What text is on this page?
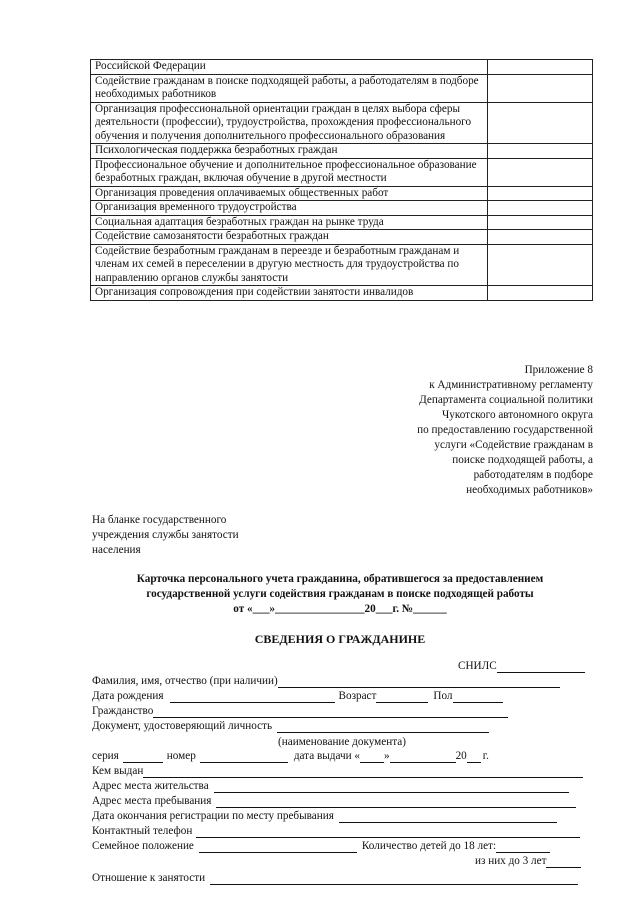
Российской Федерации	
Содействие гражданам в поиске подходящей работы, а работодателям в подборе необходимых работников	
Организация профессиональной ориентации граждан в целях выбора сферы деятельности (профессии), трудоустройства, прохождения профессионального обучения и получения дополнительного профессионального образования	
Психологическая поддержка безработных граждан	
Профессиональное обучение и дополнительное профессиональное образование безработных граждан, включая обучение в другой местности	
Организация проведения оплачиваемых общественных работ	
Организация временного трудоустройства	
Социальная адаптация безработных граждан на рынке труда	
Содействие самозанятости безработных граждан	
Содействие безработным гражданам в переезде и безработным гражданам и членам их семей в переселении в другую местность для трудоустройства по направлению органов службы занятости	
Организация сопровождения при содействии занятости инвалидов	
Приложение 8
к Административному регламенту
Департамента социальной политики
Чукотского автономного округа
по предоставлению государственной
услуги «Содействие гражданам в
поиске подходящей работы, а
работодателям в подборе
необходимых работников»
На бланке государственного
учреждения службы занятости
населения
Карточка персонального учета гражданина, обратившегося за предоставлением
государственной услуги содействия гражданам в поиске подходящей работы
от «___»________________20___г. №______
СВЕДЕНИЯ О ГРАЖДАНИНЕ
СНИЛС
Фамилия, имя, отчество (при наличии)
Дата рождения	Возраст	Пол
Гражданство
Документ, удостоверяющий личность
(наименование документа)
серия	номер	дата выдачи « »	20 г.
Кем выдан
Адрес места жительства
Адрес места пребывания
Дата окончания регистрации по месту пребывания
Контактный телефон
Семейное положение	Количество детей до 18 лет:
из них до 3 лет
Отношение к занятости
